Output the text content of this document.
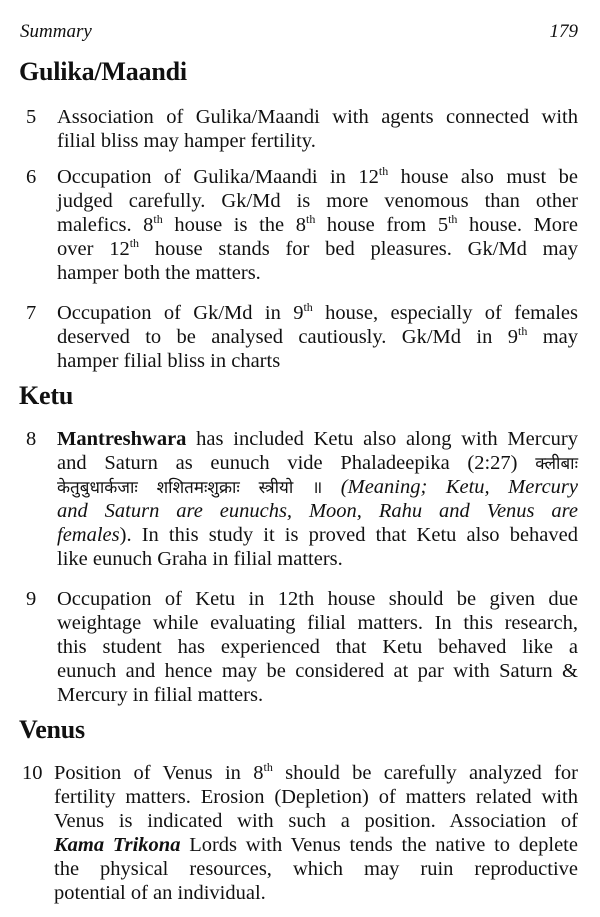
Summary	179
Gulika/Maandi
5 Association of Gulika/Maandi with agents connected with
filial bliss may hamper fertility.
6 Occupation of Gulika/Maandi in 12th house also must be
judged carefully. Gk/Md is more venomous than other
malefics. 8th house is the 8th house from 5th house. More
over 12th house stands for bed pleasures. Gk/Md may
hamper both the matters.
7 Occupation of Gk/Md in 9th house, especially of females
deserved to be analysed cautiously. Gk/Md in 9th may
hamper filial bliss in charts
Ketu
8 Mantreshwara has included Ketu also along with Mercury
and Saturn as eunuch vide Phaladeepika (2:27) क्लीबाः
केतुबुधार्कजाः शशितमःशुक्राः स्त्रीयो ॥ (Meaning; Ketu, Mercury
and Saturn are eunuchs, Moon, Rahu and Venus are
females). In this study it is proved that Ketu also behaved
like eunuch Graha in filial matters.
9 Occupation of Ketu in 12th house should be given due
weightage while evaluating filial matters. In this research,
this student has experienced that Ketu behaved like a
eunuch and hence may be considered at par with Saturn &
Mercury in filial matters.
Venus
10 Position of Venus in 8th should be carefully analyzed for
fertility matters. Erosion (Depletion) of matters related with
Venus is indicated with such a position. Association of
Kama Trikona Lords with Venus tends the native to deplete
the physical resources, which may ruin reproductive
potential of an individual.
